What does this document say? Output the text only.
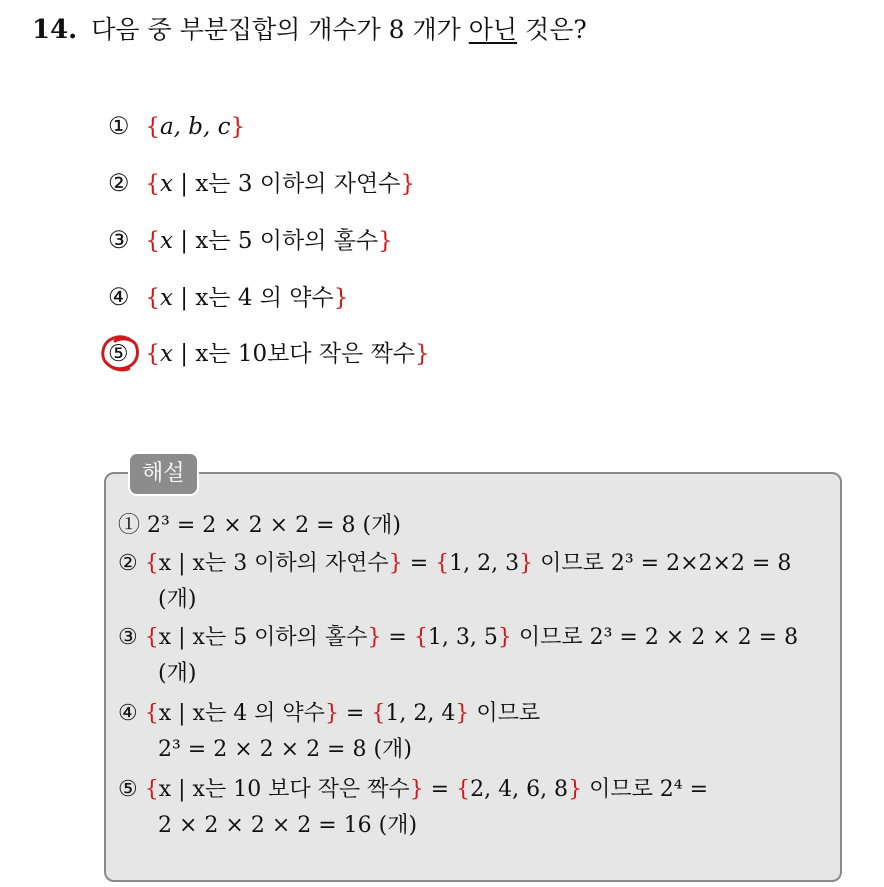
14. 다음 중 부분집합의 개수가 8 개가 아닌 것은?
① {a, b, c}
② {x | x는 3 이하의 자연수}
③ {x | x는 5 이하의 홀수}
④ {x | x는 4 의 약수}
⑤ {x | x는 10보다 작은 짝수}
해설
① 2³ = 2 × 2 × 2 = 8 (개)
② {x | x는 3 이하의 자연수} = {1, 2, 3} 이므로 2³ = 2×2×2 = 8
(개)
③ {x | x는 5 이하의 홀수} = {1, 3, 5} 이므로 2³ = 2 × 2 × 2 = 8
(개)
④ {x | x는 4 의 약수} = {1, 2, 4} 이므로
2³ = 2 × 2 × 2 = 8 (개)
⑤ {x | x는 10 보다 작은 짝수} = {2, 4, 6, 8} 이므로 2⁴ =
2 × 2 × 2 × 2 = 16 (개)
